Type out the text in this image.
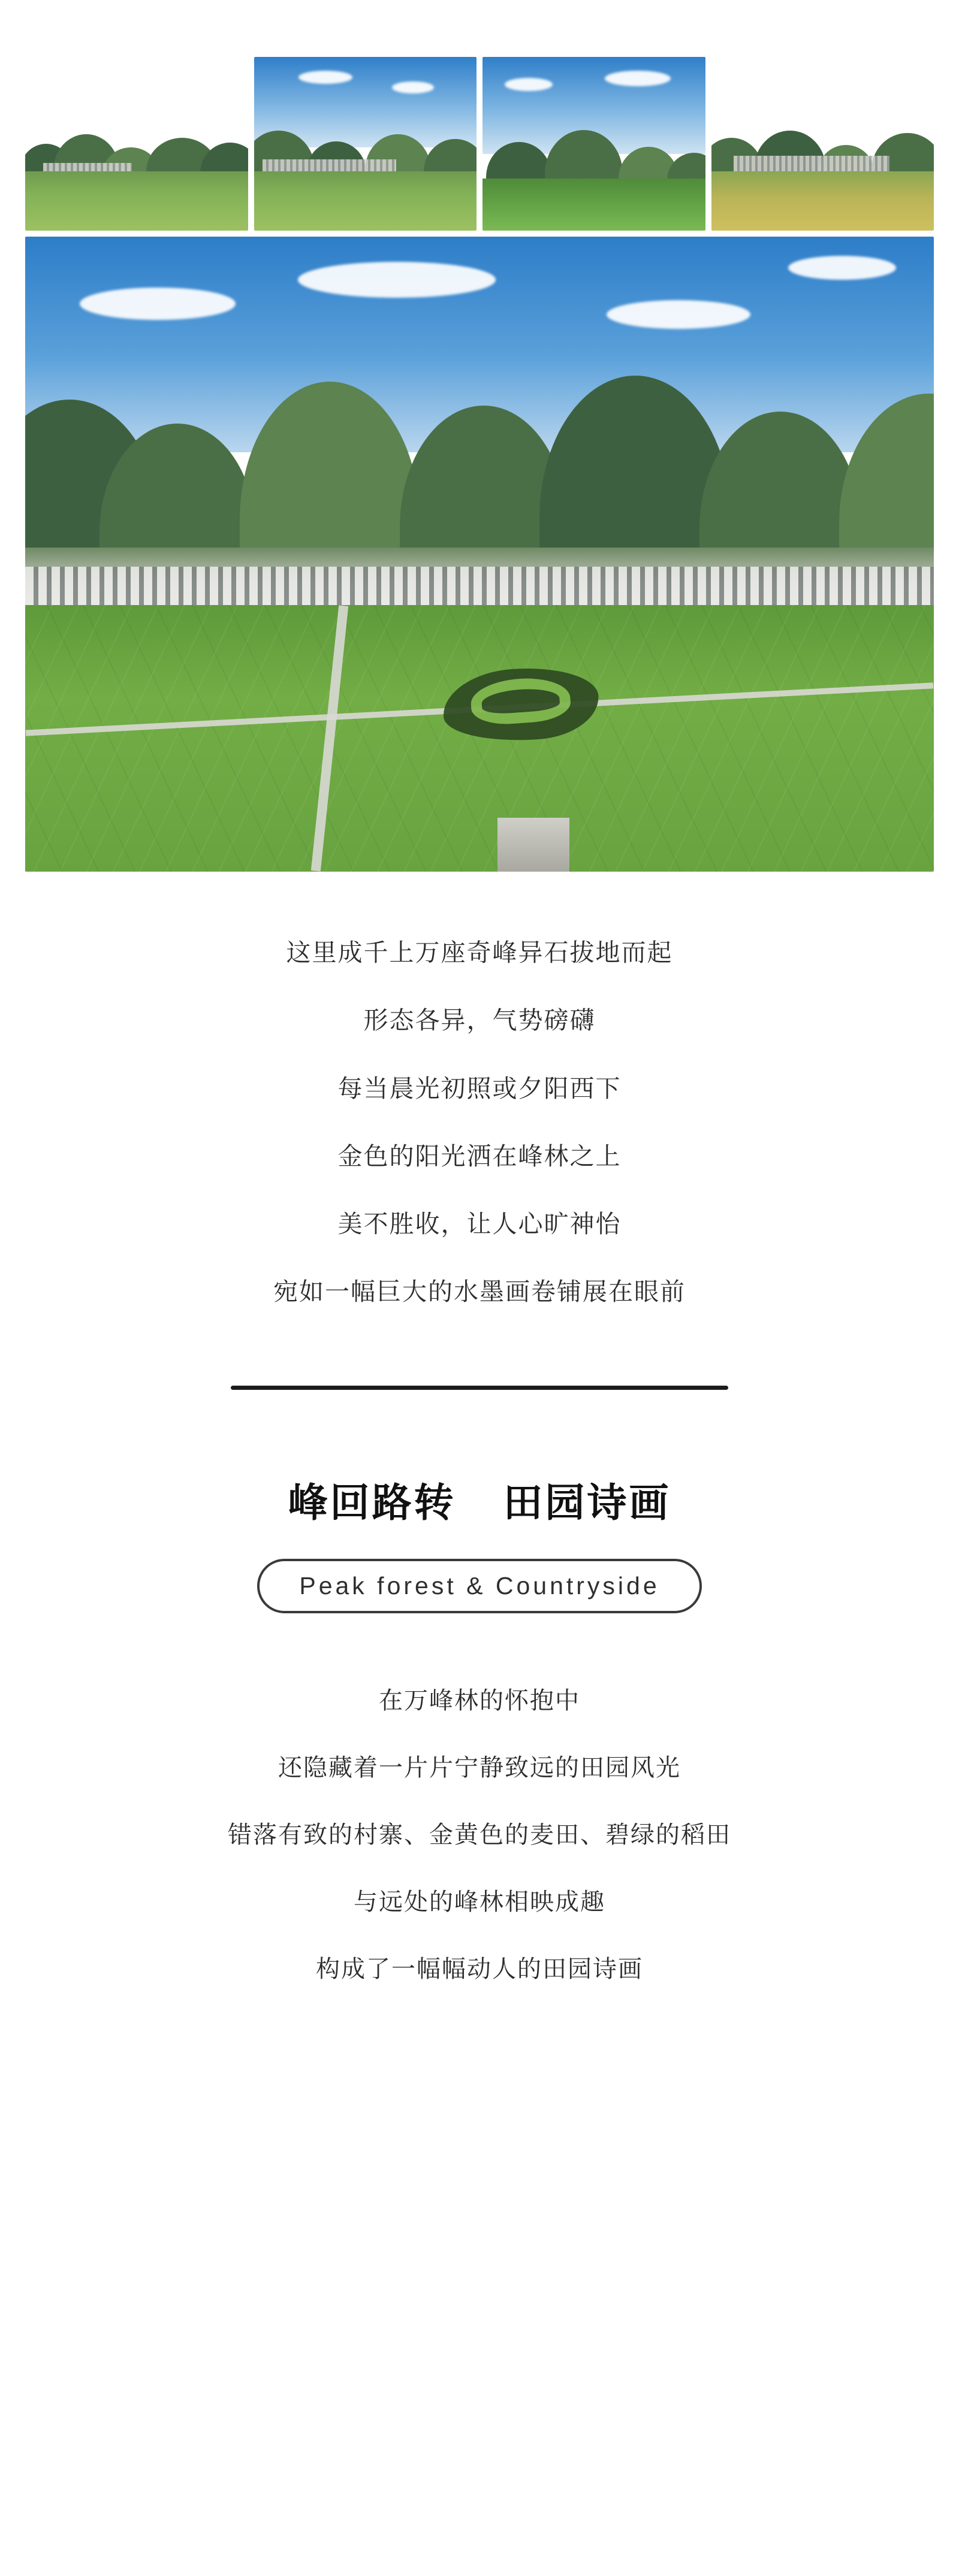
这里成千上万座奇峰异石拔地而起

形态各异，气势磅礴

每当晨光初照或夕阳西下

金色的阳光洒在峰林之上

美不胜收，让人心旷神怡

宛如一幅巨大的水墨画卷铺展在眼前

峰回路转 田园诗画
Peak forest & Countryside

在万峰林的怀抱中

还隐藏着一片片宁静致远的田园风光

错落有致的村寨、金黄色的麦田、碧绿的稻田

与远处的峰林相映成趣

构成了一幅幅动人的田园诗画
